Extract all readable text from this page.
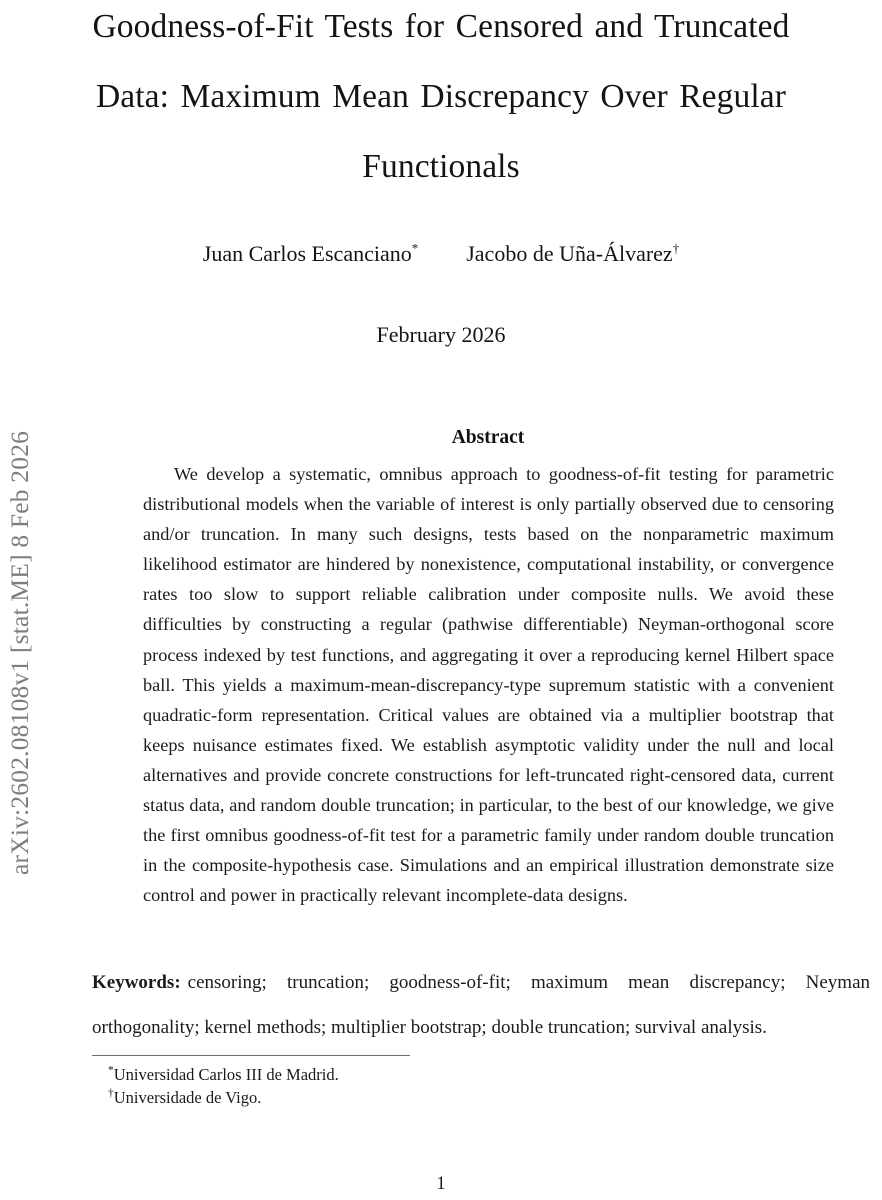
arXiv:2602.08108v1 [stat.ME] 8 Feb 2026
Goodness-of-Fit Tests for Censored and Truncated Data: Maximum Mean Discrepancy Over Regular Functionals
Juan Carlos Escanciano* Jacobo de Uña-Álvarez†
February 2026
Abstract
We develop a systematic, omnibus approach to goodness-of-fit testing for parametric distributional models when the variable of interest is only partially observed due to censoring and/or truncation. In many such designs, tests based on the nonparametric maximum likelihood estimator are hindered by nonexistence, computational instability, or convergence rates too slow to support reliable calibration under composite nulls. We avoid these difficulties by constructing a regular (pathwise differentiable) Neyman-orthogonal score process indexed by test functions, and aggregating it over a reproducing kernel Hilbert space ball. This yields a maximum-mean-discrepancy-type supremum statistic with a convenient quadratic-form representation. Critical values are obtained via a multiplier bootstrap that keeps nuisance estimates fixed. We establish asymptotic validity under the null and local alternatives and provide concrete constructions for left-truncated right-censored data, current status data, and random double truncation; in particular, to the best of our knowledge, we give the first omnibus goodness-of-fit test for a parametric family under random double truncation in the composite-hypothesis case. Simulations and an empirical illustration demonstrate size control and power in practically relevant incomplete-data designs.
Keywords: censoring; truncation; goodness-of-fit; maximum mean discrepancy; Neyman orthogonality; kernel methods; multiplier bootstrap; double truncation; survival analysis.
*Universidad Carlos III de Madrid.
†Universidade de Vigo.
1
